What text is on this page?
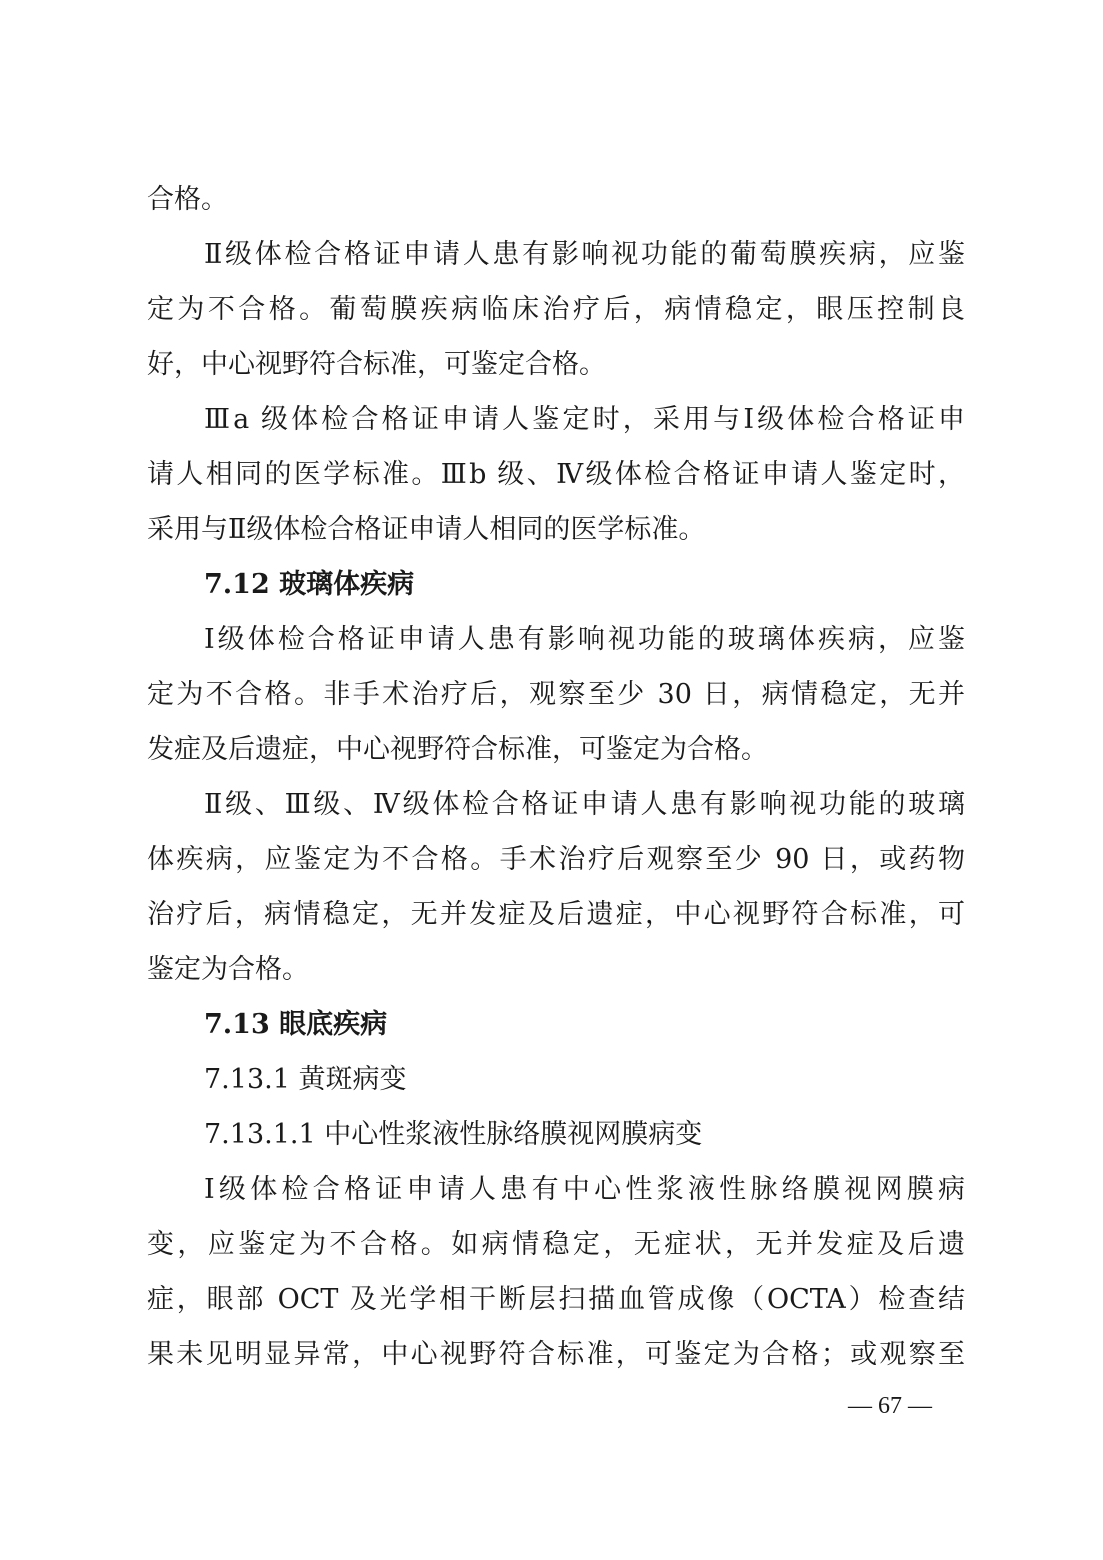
合格。
Ⅱ级体检合格证申请人患有影响视功能的葡萄膜疾病，应鉴
定为不合格。葡萄膜疾病临床治疗后，病情稳定，眼压控制良
好，中心视野符合标准，可鉴定合格。
Ⅲa 级体检合格证申请人鉴定时，采用与Ⅰ级体检合格证申
请人相同的医学标准。Ⅲb 级、Ⅳ级体检合格证申请人鉴定时，
采用与Ⅱ级体检合格证申请人相同的医学标准。
7.12 玻璃体疾病
Ⅰ级体检合格证申请人患有影响视功能的玻璃体疾病，应鉴
定为不合格。非手术治疗后，观察至少 30 日，病情稳定，无并
发症及后遗症，中心视野符合标准，可鉴定为合格。
Ⅱ级、Ⅲ级、Ⅳ级体检合格证申请人患有影响视功能的玻璃
体疾病，应鉴定为不合格。手术治疗后观察至少 90 日，或药物
治疗后，病情稳定，无并发症及后遗症，中心视野符合标准，可
鉴定为合格。
7.13 眼底疾病
7.13.1 黄斑病变
7.13.1.1 中心性浆液性脉络膜视网膜病变
Ⅰ级体检合格证申请人患有中心性浆液性脉络膜视网膜病
变，应鉴定为不合格。如病情稳定，无症状，无并发症及后遗
症，眼部 OCT 及光学相干断层扫描血管成像（OCTA）检查结
果未见明显异常，中心视野符合标准，可鉴定为合格；或观察至
— 67 —
